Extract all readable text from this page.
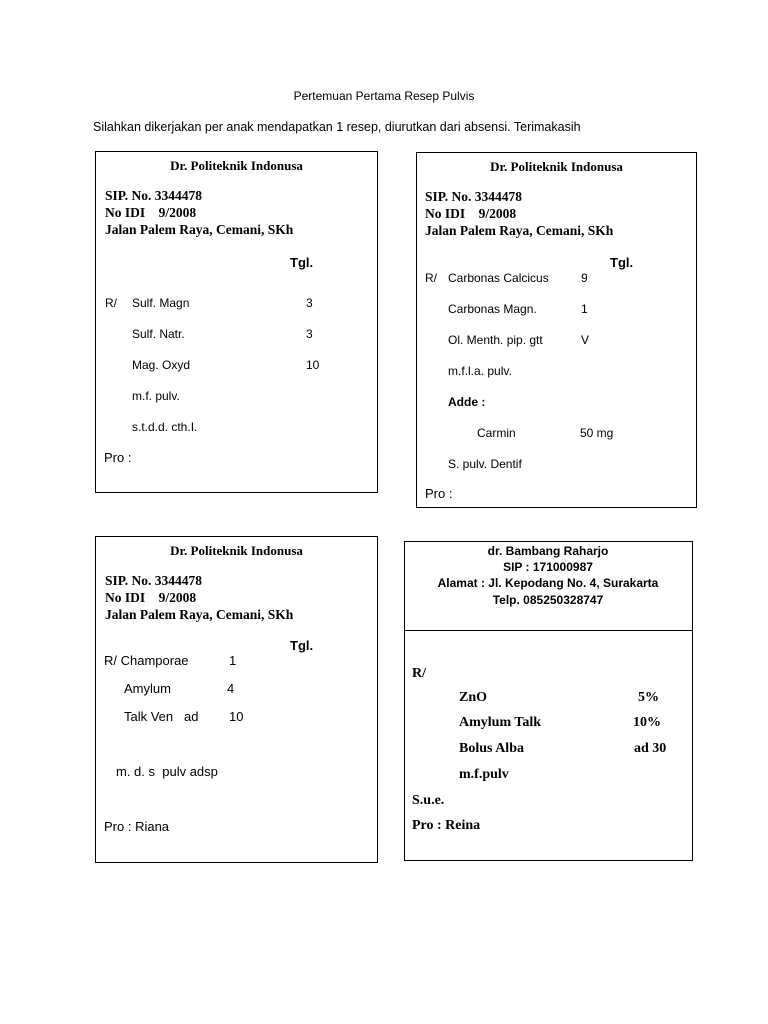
Pertemuan Pertama Resep Pulvis
Silahkan dikerjakan per anak mendapatkan 1 resep, diurutkan dari absensi. Terimakasih
Dr. Politeknik Indonusa
SIP. No. 3344478
No IDI    9/2008
Jalan Palem Raya, Cemani, SKh
Tgl.
R/ Sulf. Magn	3
Sulf. Natr.	3
Mag. Oxyd	10
m.f. pulv.
s.t.d.d. cth.I.
Pro :
Dr. Politeknik Indonusa
SIP. No. 3344478
No IDI    9/2008
Jalan Palem Raya, Cemani, SKh
Tgl.
R/ Carbonas Calcicus	9
Carbonas Magn.	1
Ol. Menth. pip. gtt	V
m.f.l.a. pulv.
Adde :
Carmin	50 mg
S. pulv. Dentif
Pro :
Dr. Politeknik Indonusa
SIP. No. 3344478
No IDI    9/2008
Jalan Palem Raya, Cemani, SKh
Tgl.
R/ Champorae	1
Amylum	4
Talk Ven   ad 10
m. d. s  pulv adsp
Pro : Riana
dr. Bambang Raharjo
SIP : 171000987
Alamat : Jl. Kepodang No. 4, Surakarta
Telp. 085250328747
R/
ZnO	5%
Amylum Talk	10%
Bolus Alba	ad 30
m.f.pulv
S.u.e.
Pro : Reina
